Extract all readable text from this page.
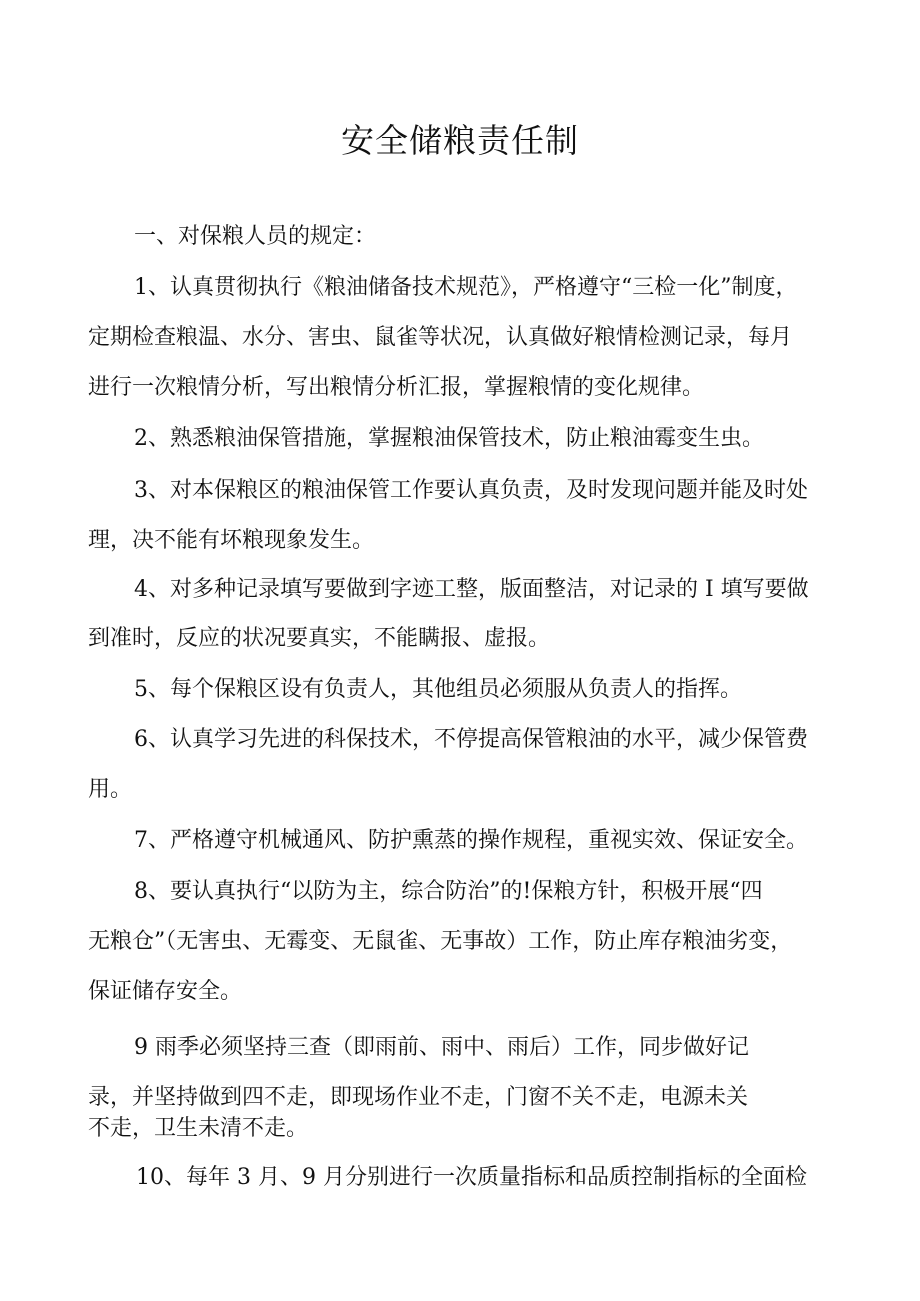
安全储粮责任制
一、对保粮人员的规定：
1、认真贯彻执行《粮油储备技术规范》，严格遵守“三检一化”制度，
定期检查粮温、水分、害虫、鼠雀等状况，认真做好粮情检测记录，每月
进行一次粮情分析，写出粮情分析汇报，掌握粮情的变化规律。
2、熟悉粮油保管措施，掌握粮油保管技术，防止粮油霉变生虫。
3、对本保粮区的粮油保管工作要认真负责，及时发现问题并能及时处
理，决不能有坏粮现象发生。
4、对多种记录填写要做到字迹工整，版面整洁，对记录的 I 填写要做
到准时，反应的状况要真实，不能瞒报、虚报。
5、每个保粮区设有负责人，其他组员必须服从负责人的指挥。
6、认真学习先进的科保技术，不停提高保管粮油的水平，减少保管费
用。
7、严格遵守机械通风、防护熏蒸的操作规程，重视实效、保证安全。
8、要认真执行“以防为主，综合防治”的!保粮方针，积极开展“四
无粮仓”（无害虫、无霉变、无鼠雀、无事故）工作，防止库存粮油劣变，
保证储存安全。
9 雨季必须坚持三查（即雨前、雨中、雨后）工作，同步做好记
录，并坚持做到四不走，即现场作业不走，门窗不关不走，电源未关
不走，卫生未清不走。
10、每年 3 月、9 月分别进行一次质量指标和品质控制指标的全面检
